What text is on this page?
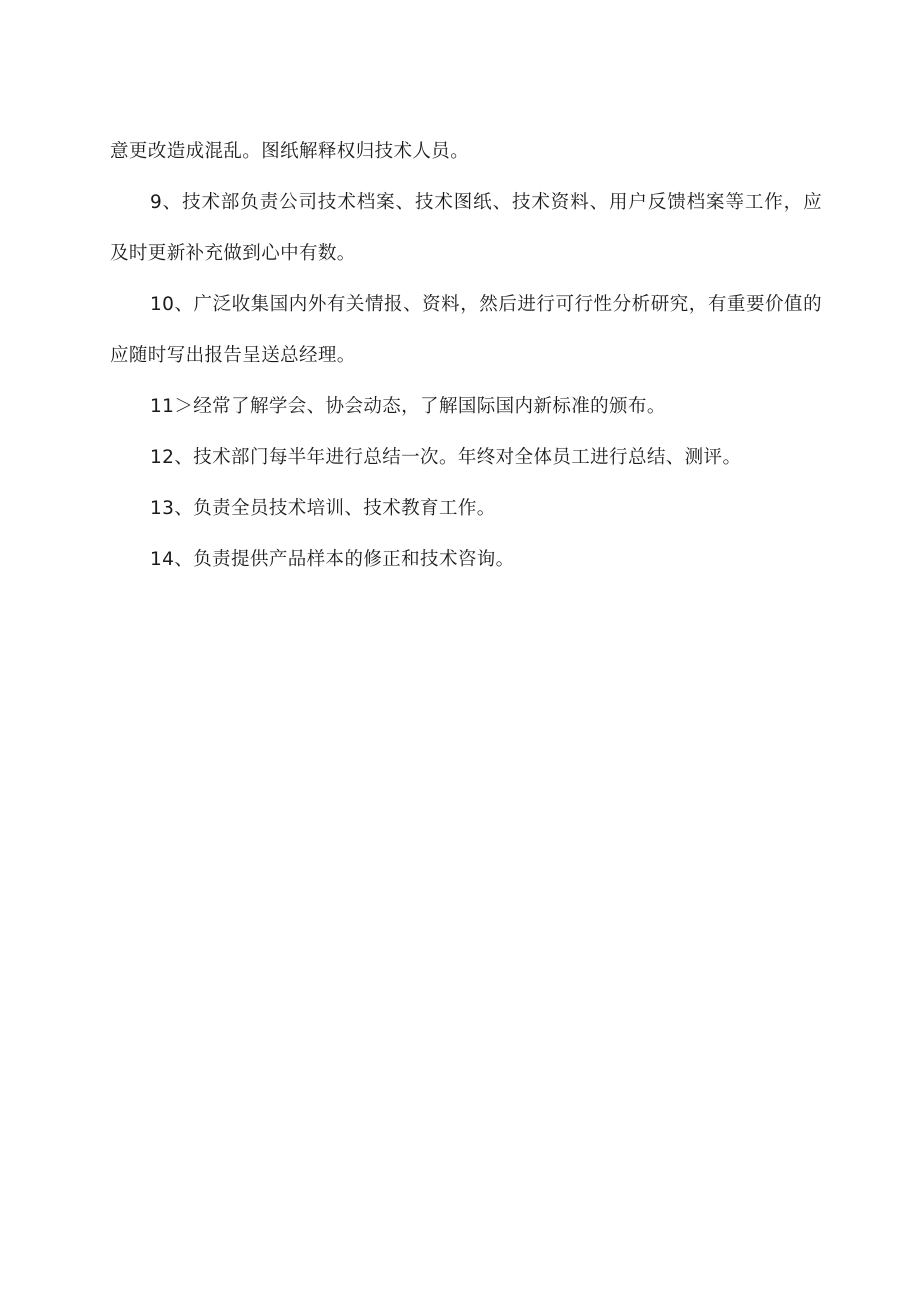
意更改造成混乱。图纸解释权归技术人员。

9、技术部负责公司技术档案、技术图纸、技术资料、用户反馈档案等工作，应及时更新补充做到心中有数。

10、广泛收集国内外有关情报、资料，然后进行可行性分析研究，有重要价值的应随时写出报告呈送总经理。

11＞经常了解学会、协会动态，了解国际国内新标准的颁布。

12、技术部门每半年进行总结一次。年终对全体员工进行总结、测评。

13、负责全员技术培训、技术教育工作。

14、负责提供产品样本的修正和技术咨询。
